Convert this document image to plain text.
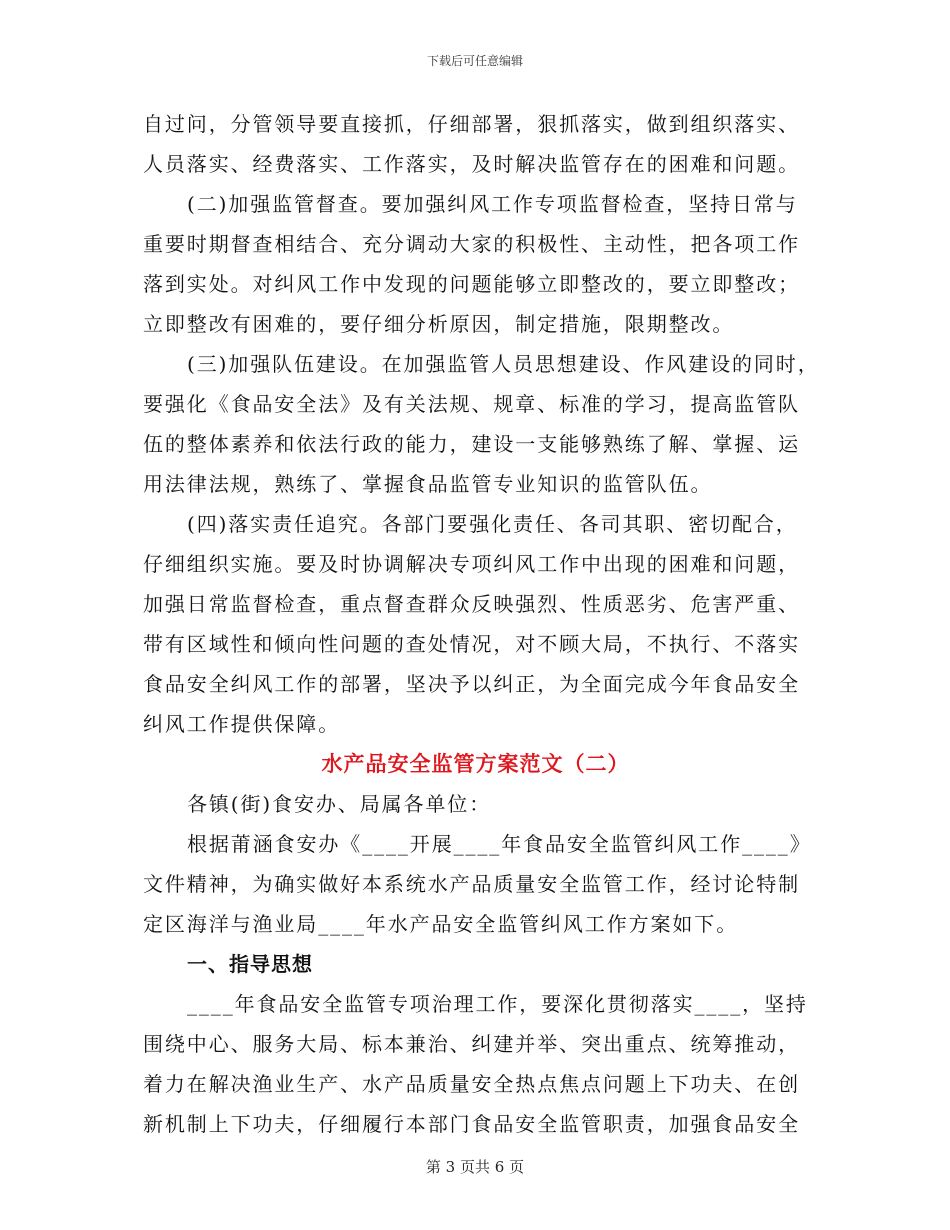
下载后可任意编辑
自过问，分管领导要直接抓，仔细部署，狠抓落实，做到组织落实、
人员落实、经费落实、工作落实，及时解决监管存在的困难和问题。
(二)加强监管督查。要加强纠风工作专项监督检查，坚持日常与
重要时期督查相结合、充分调动大家的积极性、主动性，把各项工作
落到实处。对纠风工作中发现的问题能够立即整改的，要立即整改；
立即整改有困难的，要仔细分析原因，制定措施，限期整改。
(三)加强队伍建设。在加强监管人员思想建设、作风建设的同时，
要强化《食品安全法》及有关法规、规章、标准的学习，提高监管队
伍的整体素养和依法行政的能力，建设一支能够熟练了解、掌握、运
用法律法规，熟练了、掌握食品监管专业知识的监管队伍。
(四)落实责任追究。各部门要强化责任、各司其职、密切配合，
仔细组织实施。要及时协调解决专项纠风工作中出现的困难和问题，
加强日常监督检查，重点督查群众反映强烈、性质恶劣、危害严重、
带有区域性和倾向性问题的查处情况，对不顾大局，不执行、不落实
食品安全纠风工作的部署，坚决予以纠正，为全面完成今年食品安全
纠风工作提供保障。
水产品安全监管方案范文（二）
各镇(街)食安办、局属各单位：
根据莆涵食安办《____开展____年食品安全监管纠风工作____》
文件精神，为确实做好本系统水产品质量安全监管工作，经讨论特制
定区海洋与渔业局____年水产品安全监管纠风工作方案如下。
一、指导思想
____年食品安全监管专项治理工作，要深化贯彻落实____，坚持
围绕中心、服务大局、标本兼治、纠建并举、突出重点、统筹推动，
着力在解决渔业生产、水产品质量安全热点焦点问题上下功夫、在创
新机制上下功夫，仔细履行本部门食品安全监管职责，加强食品安全
第 3 页共 6 页
